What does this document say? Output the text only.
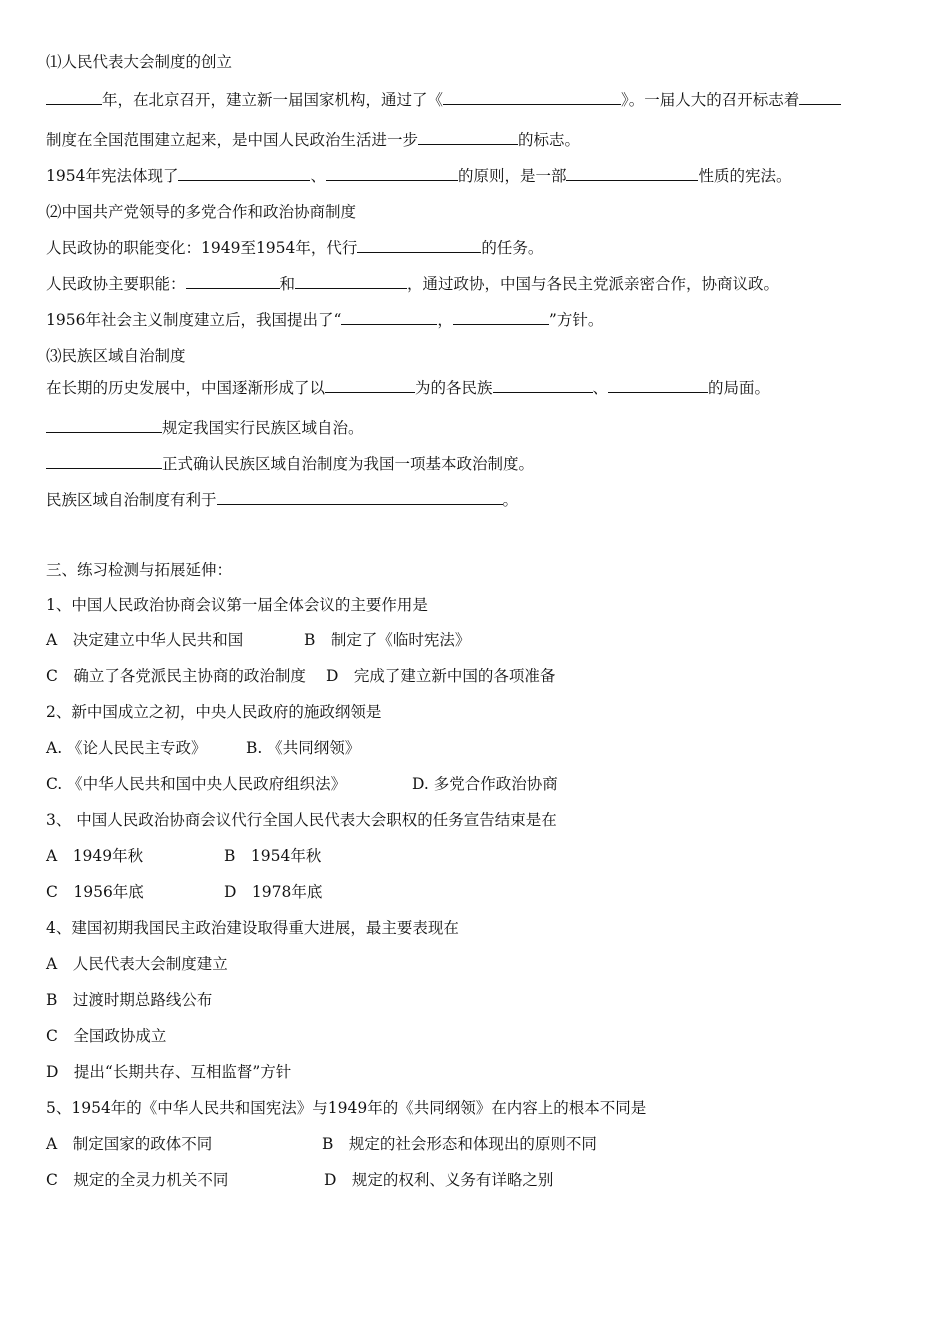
⑴人民代表大会制度的创立
年，在北京召开，建立新一届国家机构，通过了《	》。一届人大的召开标志着
制度在全国范围建立起来，是中国人民政治生活进一步	的标志。
1954年宪法体现了	、	的原则，是一部	性质的宪法。
⑵中国共产党领导的多党合作和政治协商制度
人民政协的职能变化：1949至1954年，代行	的任务。
人民政协主要职能：	和	，通过政协，中国与各民主党派亲密合作，协商议政。
1956年社会主义制度建立后，我国提出了“	，	”方针。
⑶民族区域自治制度
在长期的历史发展中，中国逐渐形成了以	为的各民族	、	的局面。
规定我国实行民族区域自治。
正式确认民族区域自治制度为我国一项基本政治制度。
民族区域自治制度有利于	。
三、练习检测与拓展延伸：
1、中国人民政治协商会议第一届全体会议的主要作用是
A　决定建立中华人民共和国	B　制定了《临时宪法》
C　确立了各党派民主协商的政治制度 D　完成了建立新中国的各项准备
2、新中国成立之初，中央人民政府的施政纲领是
A. 《论人民民主专政》	B. 《共同纲领》
C. 《中华人民共和国中央人民政府组织法》	D. 多党合作政治协商
3、 中国人民政治协商会议代行全国人民代表大会职权的任务宣告结束是在
A　1949年秋	B　1954年秋
C　1956年底	D　1978年底
4、建国初期我国民主政治建设取得重大进展，最主要表现在
A　人民代表大会制度建立
B　过渡时期总路线公布
C　全国政协成立
D　提出“长期共存、互相监督”方针
5、1954年的《中华人民共和国宪法》与1949年的《共同纲领》在内容上的根本不同是
A　制定国家的政体不同	B　规定的社会形态和体现出的原则不同
C　规定的全灵力机关不同	D　规定的权利、义务有详略之别
